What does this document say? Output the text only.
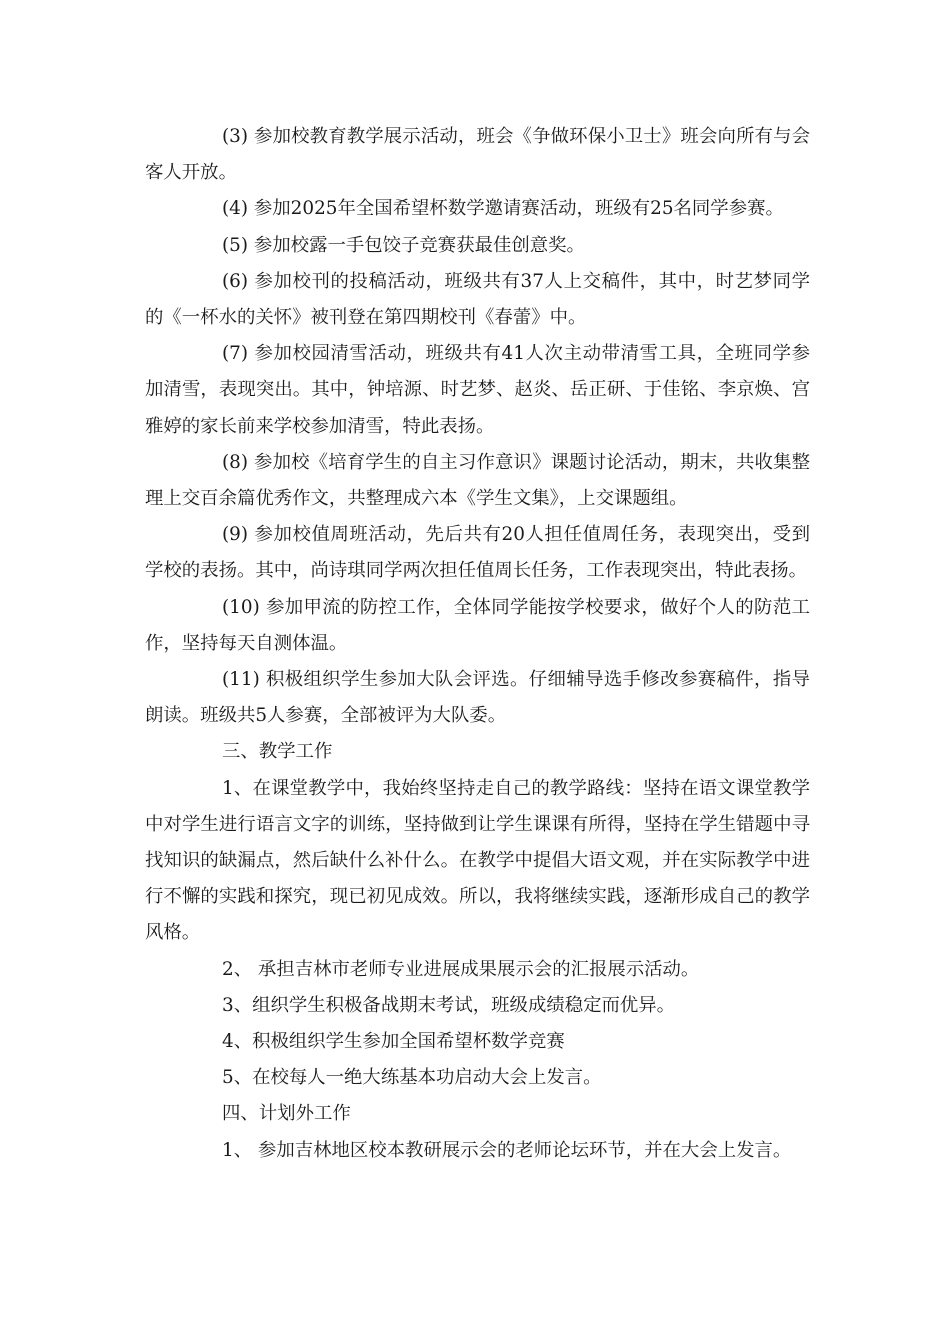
(3) 参加校教育教学展示活动，班会《争做环保小卫士》班会向所有与会客人开放。

(4) 参加2025年全国希望杯数学邀请赛活动，班级有25名同学参赛。

(5) 参加校露一手包饺子竞赛获最佳创意奖。

(6) 参加校刊的投稿活动，班级共有37人上交稿件，其中，时艺梦同学的《一杯水的关怀》被刊登在第四期校刊《春蕾》中。

(7) 参加校园清雪活动，班级共有41人次主动带清雪工具，全班同学参加清雪，表现突出。其中，钟培源、时艺梦、赵炎、岳正研、于佳铭、李京焕、宫雅婷的家长前来学校参加清雪，特此表扬。

(8) 参加校《培育学生的自主习作意识》课题讨论活动，期末，共收集整理上交百余篇优秀作文，共整理成六本《学生文集》，上交课题组。

(9) 参加校值周班活动，先后共有20人担任值周任务，表现突出，受到学校的表扬。其中，尚诗琪同学两次担任值周长任务，工作表现突出，特此表扬。

(10) 参加甲流的防控工作，全体同学能按学校要求，做好个人的防范工作，坚持每天自测体温。

(11) 积极组织学生参加大队会评选。仔细辅导选手修改参赛稿件，指导朗读。班级共5人参赛，全部被评为大队委。

三、教学工作

1、在课堂教学中，我始终坚持走自己的教学路线：坚持在语文课堂教学中对学生进行语言文字的训练，坚持做到让学生课课有所得，坚持在学生错题中寻找知识的缺漏点，然后缺什么补什么。在教学中提倡大语文观，并在实际教学中进行不懈的实践和探究，现已初见成效。所以，我将继续实践，逐渐形成自己的教学风格。

2、 承担吉林市老师专业进展成果展示会的汇报展示活动。

3、组织学生积极备战期末考试，班级成绩稳定而优异。

4、积极组织学生参加全国希望杯数学竞赛

5、在校每人一绝大练基本功启动大会上发言。

四、计划外工作

1、 参加吉林地区校本教研展示会的老师论坛环节，并在大会上发言。
